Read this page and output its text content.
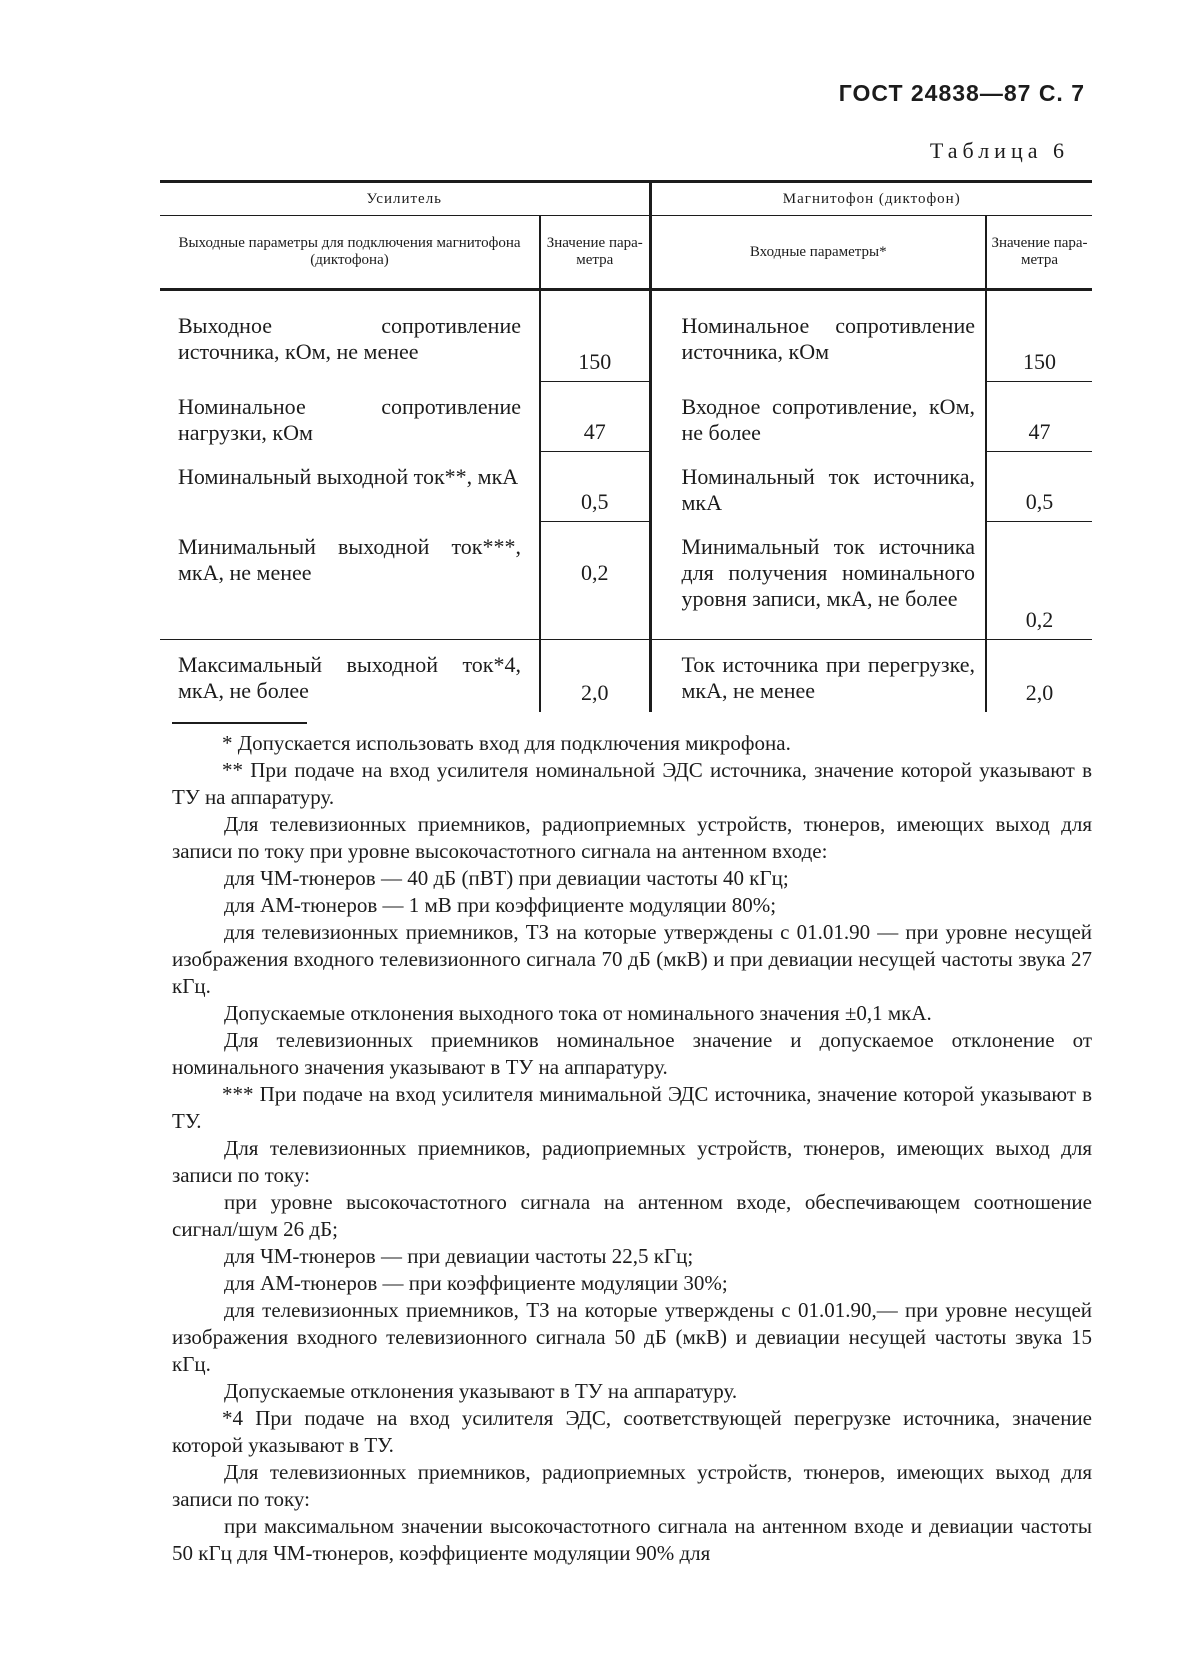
ГОСТ 24838—87 С. 7
Таблица 6
Усилитель		Магнитофон (диктофон)	
Выходные параметры для подключения магнитофона (диктофона)	Значение пара-метра	Входные параметры*	Значение пара-метра
Выходное сопротивление источника, кОм, не менее	150	Номинальное сопротивление источника, кОм	150
Номинальное сопротивление нагрузки, кОм	47	Входное сопротивление, кОм, не более	47
Номинальный выходной ток**, мкА	0,5	Номинальный ток источника, мкА	0,5
Минимальный выходной ток***, мкА, не менее	0,2	Минимальный ток источника для получения номинального уровня записи, мкА, не более	0,2
Максимальный выходной ток*4, мкА, не более	2,0	Ток источника при перегрузке, мкА, не менее	2,0

* Допускается использовать вход для подключения микрофона.

** При подаче на вход усилителя номинальной ЭДС источника, значение которой указывают в ТУ на аппаратуру.

Для телевизионных приемников, радиоприемных устройств, тюнеров, имеющих выход для записи по току при уровне высокочастотного сигнала на антенном входе:

для ЧМ-тюнеров — 40 дБ (пВТ) при девиации частоты 40 кГц;

для АМ-тюнеров — 1 мВ при коэффициенте модуляции 80%;

для телевизионных приемников, ТЗ на которые утверждены с 01.01.90 — при уровне несущей изображения входного телевизионного сигнала 70 дБ (мкВ) и при девиации несущей частоты звука 27 кГц.

Допускаемые отклонения выходного тока от номинального значения ±0,1 мкА.

Для телевизионных приемников номинальное значение и допускаемое отклонение от номинального значения указывают в ТУ на аппаратуру.

*** При подаче на вход усилителя минимальной ЭДС источника, значение которой указывают в ТУ.

Для телевизионных приемников, радиоприемных устройств, тюнеров, имеющих выход для записи по току:

при уровне высокочастотного сигнала на антенном входе, обеспечивающем соотношение сигнал/шум 26 дБ;

для ЧМ-тюнеров — при девиации частоты 22,5 кГц;

для АМ-тюнеров — при коэффициенте модуляции 30%;

для телевизионных приемников, ТЗ на которые утверждены с 01.01.90,— при уровне несущей изображения входного телевизионного сигнала 50 дБ (мкВ) и девиации несущей частоты звука 15 кГц.

Допускаемые отклонения указывают в ТУ на аппаратуру.

*4 При подаче на вход усилителя ЭДС, соответствующей перегрузке источника, значение которой указывают в ТУ.

Для телевизионных приемников, радиоприемных устройств, тюнеров, имеющих выход для записи по току:

при максимальном значении высокочастотного сигнала на антенном входе и девиации частоты 50 кГц для ЧМ-тюнеров, коэффициенте модуляции 90% для
